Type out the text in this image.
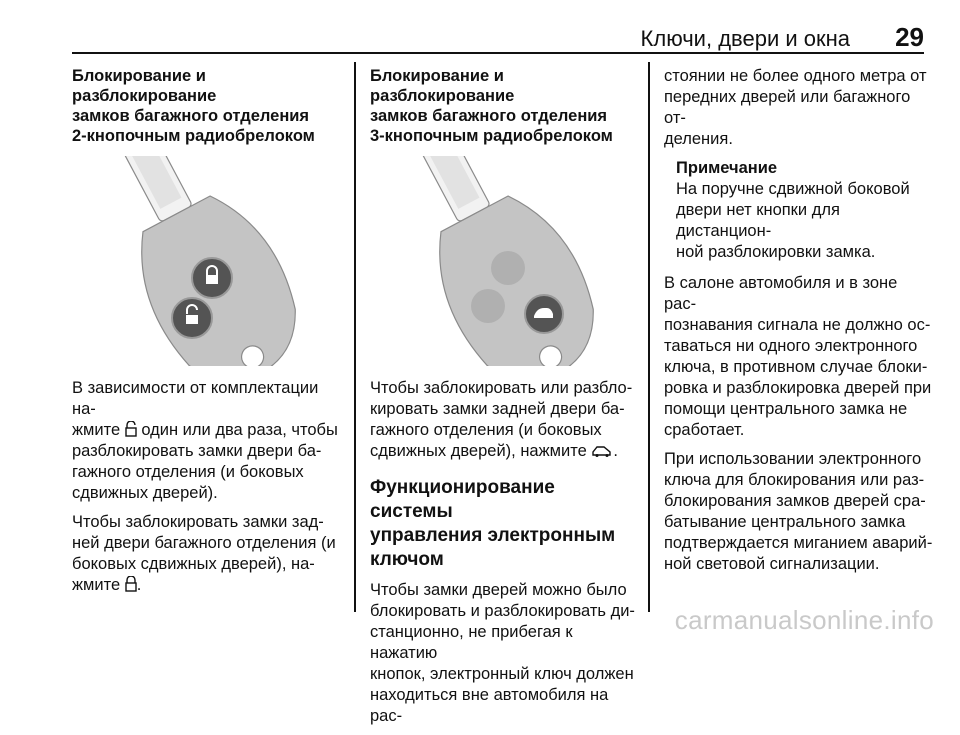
Ключи, двери и окна 29
Блокирование и разблокирование
замков багажного отделения
2-кнопочным радиобрелоком

В зависимости от комплектации на-
жмите  один или два раза, чтобы
разблокировать замки двери ба-
гажного отделения (и боковых
сдвижных дверей).

Чтобы заблокировать замки зад-
ней двери багажного отделения (и
боковых сдвижных дверей), на-
жмите .

Блокирование и разблокирование
замков багажного отделения
3-кнопочным радиобрелоком

Чтобы заблокировать или разбло-
кировать замки задней двери ба-
гажного отделения (и боковых
сдвижных дверей), нажмите .

Функционирование системы
управления электронным
ключом

Чтобы замки дверей можно было
блокировать и разблокировать ди-
станционно, не прибегая к нажатию
кнопок, электронный ключ должен
находиться вне автомобиля на рас-

стоянии не более одного метра от
передних дверей или багажного от-
деления.

Примечание
На поручне сдвижной боковой
двери нет кнопки для дистанцион-
ной разблокировки замка.

В салоне автомобиля и в зоне рас-
познавания сигнала не должно ос-
таваться ни одного электронного
ключа, в противном случае блоки-
ровка и разблокировка дверей при
помощи центрального замка не
сработает.

При использовании электронного
ключа для блокирования или раз-
блокирования замков дверей сра-
батывание центрального замка
подтверждается миганием аварий-
ной световой сигнализации.

carmanualsonline.info
